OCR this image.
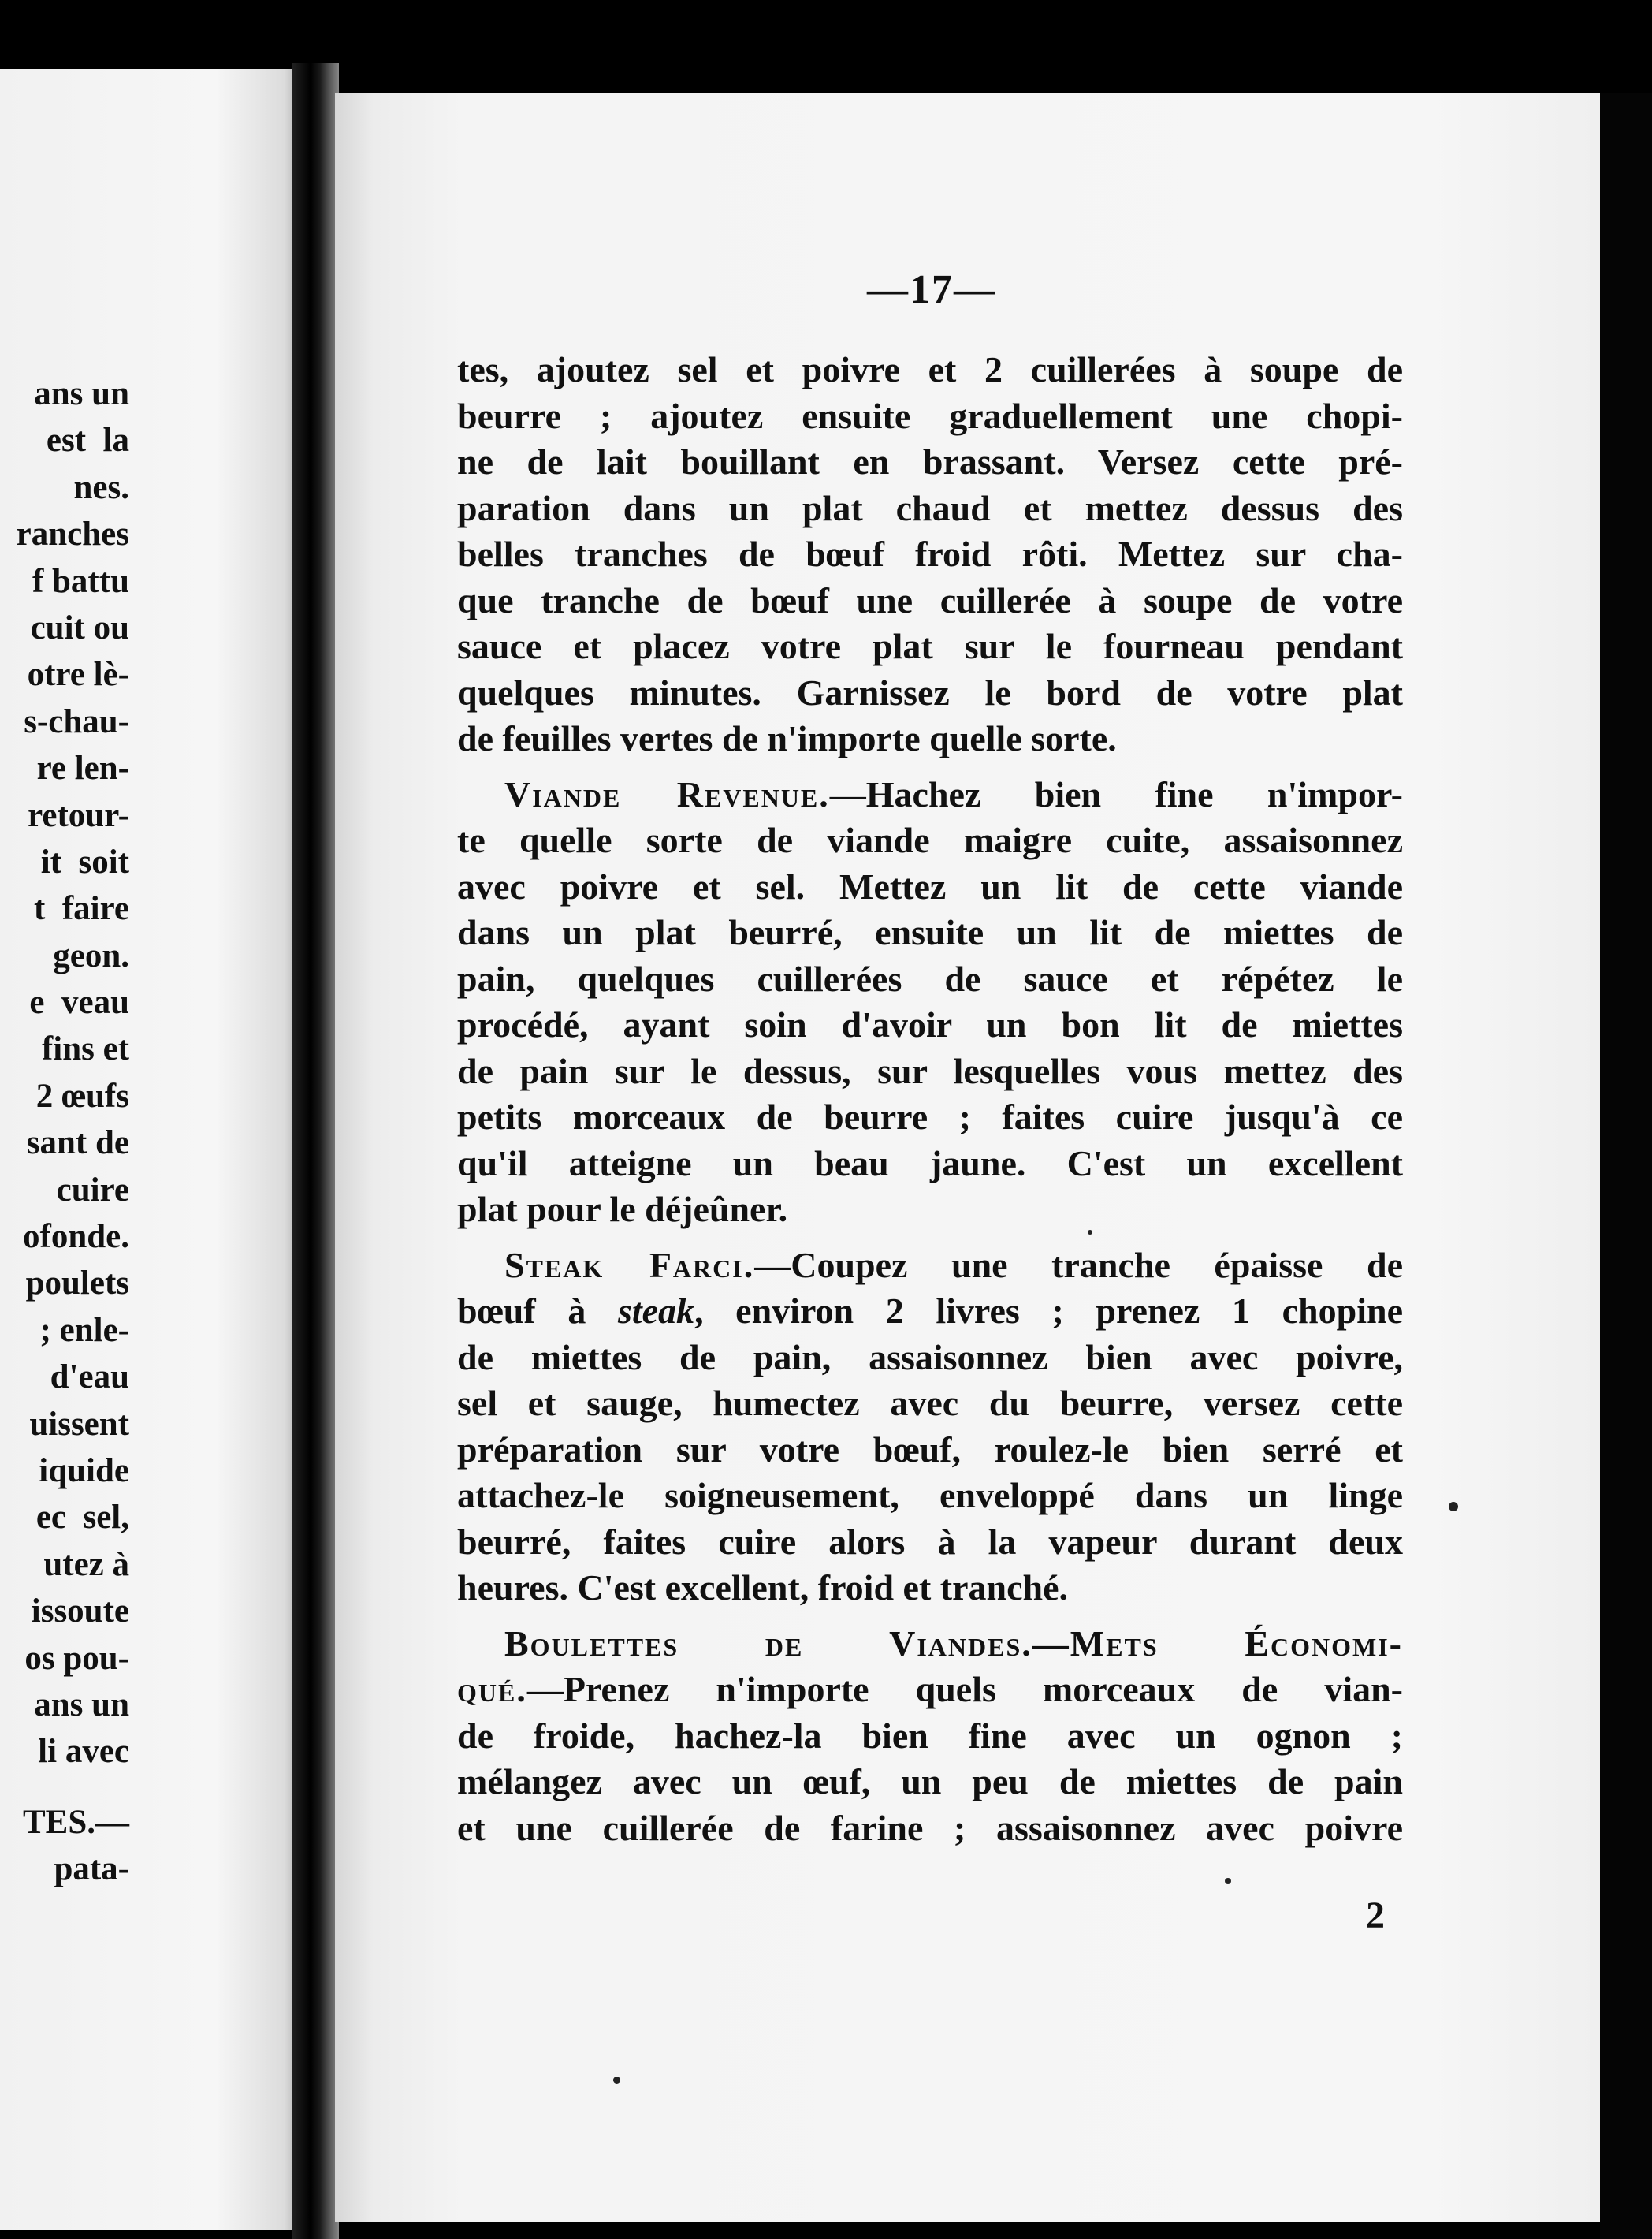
ans un
est  la
nes.
ranches
f battu
cuit ou
otre lè-
s-chau-
re len-
retour-
it  soit
t  faire
geon.
e  veau
fins et
2 œufs
sant de
cuire
ofonde.
poulets
; enle-
d'eau
uissent
iquide
ec  sel,
utez à
issoute
os pou-
ans un
li avec
TES.—
pata-
—17—
tes, ajoutez sel et poivre et 2 cuillerées à soupe de
beurre ; ajoutez ensuite graduellement une chopi-
ne de lait bouillant en brassant. Versez cette pré-
paration dans un plat chaud et mettez dessus des
belles tranches de bœuf froid rôti. Mettez sur cha-
que tranche de bœuf une cuillerée à soupe de votre
sauce et placez votre plat sur le fourneau pendant
quelques minutes. Garnissez le bord de votre plat
de feuilles vertes de n'importe quelle sorte.
Viande Revenue.—Hachez bien fine n'impor-
te quelle sorte de viande maigre cuite, assaisonnez
avec poivre et sel. Mettez un lit de cette viande
dans un plat beurré, ensuite un lit de miettes de
pain, quelques cuillerées de sauce et répétez le
procédé, ayant soin d'avoir un bon lit de miettes
de pain sur le dessus, sur lesquelles vous mettez des
petits morceaux de beurre ; faites cuire jusqu'à ce
qu'il atteigne un beau jaune. C'est un excellent
plat pour le déjeûner.
Steak Farci.—Coupez une tranche épaisse de
bœuf à steak, environ 2 livres ; prenez 1 chopine
de miettes de pain, assaisonnez bien avec poivre,
sel et sauge, humectez avec du beurre, versez cette
préparation sur votre bœuf, roulez-le bien serré et
attachez-le soigneusement, enveloppé dans un linge
beurré, faites cuire alors à la vapeur durant deux
heures. C'est excellent, froid et tranché.
Boulettes de Viandes.—Mets Économi-
qué.—Prenez n'importe quels morceaux de vian-
de froide, hachez-la bien fine avec un ognon ;
mélangez avec un œuf, un peu de miettes de pain
et une cuillerée de farine ; assaisonnez avec poivre
2
